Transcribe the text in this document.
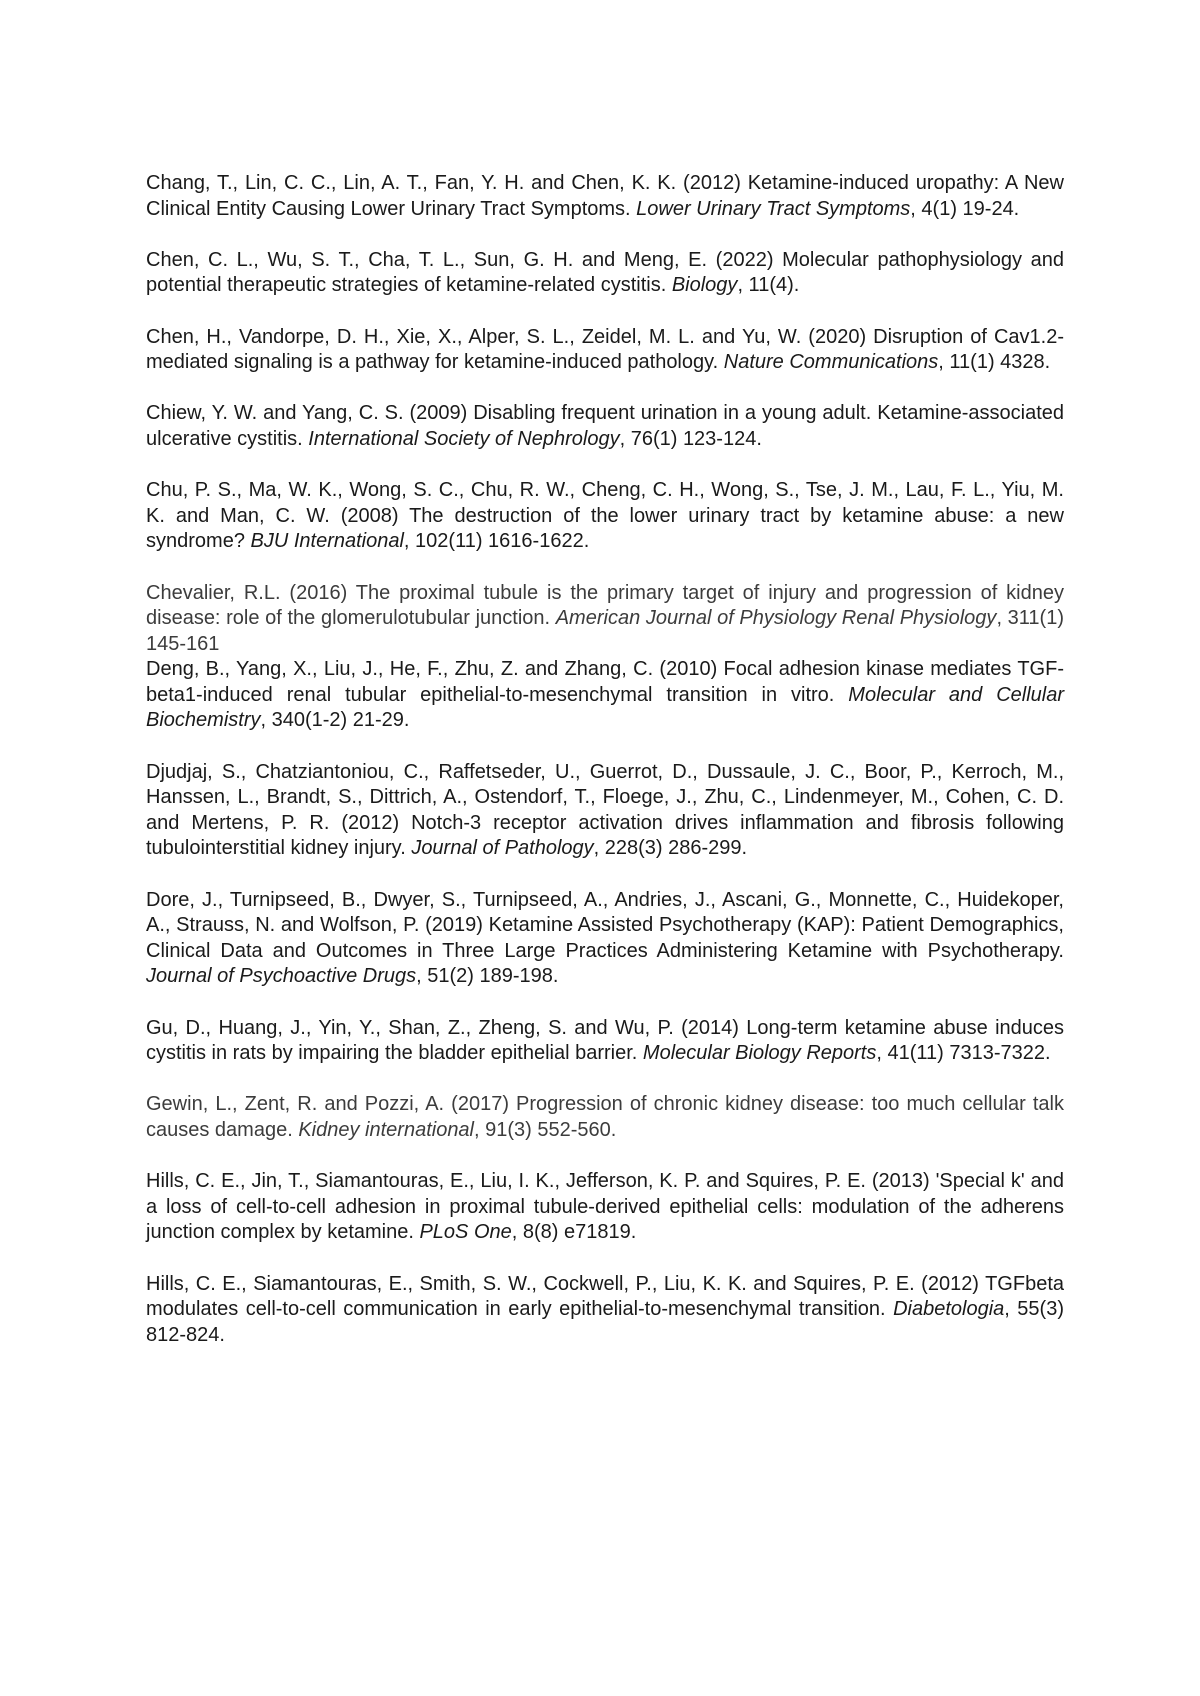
Chang, T., Lin, C. C., Lin, A. T., Fan, Y. H. and Chen, K. K. (2012) Ketamine-induced uropathy: A New Clinical Entity Causing Lower Urinary Tract Symptoms. Lower Urinary Tract Symptoms, 4(1) 19-24.

Chen, C. L., Wu, S. T., Cha, T. L., Sun, G. H. and Meng, E. (2022) Molecular pathophysiology and potential therapeutic strategies of ketamine-related cystitis. Biology, 11(4).

Chen, H., Vandorpe, D. H., Xie, X., Alper, S. L., Zeidel, M. L. and Yu, W. (2020) Disruption of Cav1.2-mediated signaling is a pathway for ketamine-induced pathology. Nature Communications, 11(1) 4328.

Chiew, Y. W. and Yang, C. S. (2009) Disabling frequent urination in a young adult. Ketamine-associated ulcerative cystitis. International Society of Nephrology, 76(1) 123-124.

Chu, P. S., Ma, W. K., Wong, S. C., Chu, R. W., Cheng, C. H., Wong, S., Tse, J. M., Lau, F. L., Yiu, M. K. and Man, C. W. (2008) The destruction of the lower urinary tract by ketamine abuse: a new syndrome? BJU International, 102(11) 1616-1622.

Chevalier, R.L. (2016) The proximal tubule is the primary target of injury and progression of kidney disease: role of the glomerulotubular junction. American Journal of Physiology Renal Physiology, 311(1) 145-161

Deng, B., Yang, X., Liu, J., He, F., Zhu, Z. and Zhang, C. (2010) Focal adhesion kinase mediates TGF-beta1-induced renal tubular epithelial-to-mesenchymal transition in vitro. Molecular and Cellular Biochemistry, 340(1-2) 21-29.

Djudjaj, S., Chatziantoniou, C., Raffetseder, U., Guerrot, D., Dussaule, J. C., Boor, P., Kerroch, M., Hanssen, L., Brandt, S., Dittrich, A., Ostendorf, T., Floege, J., Zhu, C., Lindenmeyer, M., Cohen, C. D. and Mertens, P. R. (2012) Notch-3 receptor activation drives inflammation and fibrosis following tubulointerstitial kidney injury. Journal of Pathology, 228(3) 286-299.

Dore, J., Turnipseed, B., Dwyer, S., Turnipseed, A., Andries, J., Ascani, G., Monnette, C., Huidekoper, A., Strauss, N. and Wolfson, P. (2019) Ketamine Assisted Psychotherapy (KAP): Patient Demographics, Clinical Data and Outcomes in Three Large Practices Administering Ketamine with Psychotherapy. Journal of Psychoactive Drugs, 51(2) 189-198.

Gu, D., Huang, J., Yin, Y., Shan, Z., Zheng, S. and Wu, P. (2014) Long-term ketamine abuse induces cystitis in rats by impairing the bladder epithelial barrier. Molecular Biology Reports, 41(11) 7313-7322.

Gewin, L., Zent, R. and Pozzi, A. (2017) Progression of chronic kidney disease: too much cellular talk causes damage. Kidney international, 91(3) 552-560.

Hills, C. E., Jin, T., Siamantouras, E., Liu, I. K., Jefferson, K. P. and Squires, P. E. (2013) 'Special k' and a loss of cell-to-cell adhesion in proximal tubule-derived epithelial cells: modulation of the adherens junction complex by ketamine. PLoS One, 8(8) e71819.

Hills, C. E., Siamantouras, E., Smith, S. W., Cockwell, P., Liu, K. K. and Squires, P. E. (2012) TGFbeta modulates cell-to-cell communication in early epithelial-to-mesenchymal transition. Diabetologia, 55(3) 812-824.
